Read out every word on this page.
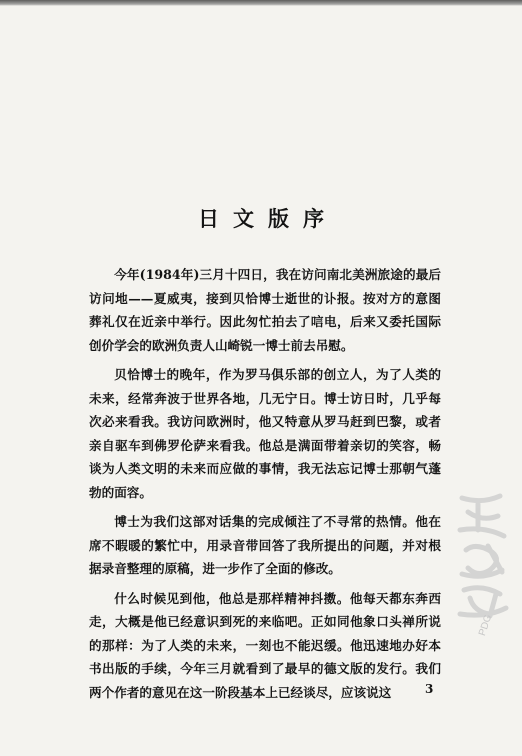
日文版序

今年(1984年)三月十四日，我在访问南北美洲旅途的最后访问地——夏威夷，接到贝恰博士逝世的讣报。按对方的意图葬礼仅在近亲中举行。因此匆忙拍去了唁电，后来又委托国际创价学会的欧洲负责人山崎锐一博士前去吊慰。

贝恰博士的晚年，作为罗马俱乐部的创立人，为了人类的未来，经常奔波于世界各地，几无宁日。博士访日时，几乎每次必来看我。我访问欧洲时，他又特意从罗马赶到巴黎，或者亲自驱车到佛罗伦萨来看我。他总是满面带着亲切的笑容，畅谈为人类文明的未来而应做的事情，我无法忘记博士那朝气蓬勃的面容。

博士为我们这部对话集的完成倾注了不寻常的热情。他在席不暇暖的繁忙中，用录音带回答了我所提出的问题，并对根据录音整理的原稿，进一步作了全面的修改。

什么时候见到他，他总是那样精神抖擞。他每天都东奔西走，大概是他已经意识到死的来临吧。正如同他象口头禅所说的那样：为了人类的未来，一刻也不能迟缓。他迅速地办好本书出版的手续，今年三月就看到了最早的德文版的发行。我们两个作者的意见在这一阶段基本上已经谈尽，应该说这	3
PDG
